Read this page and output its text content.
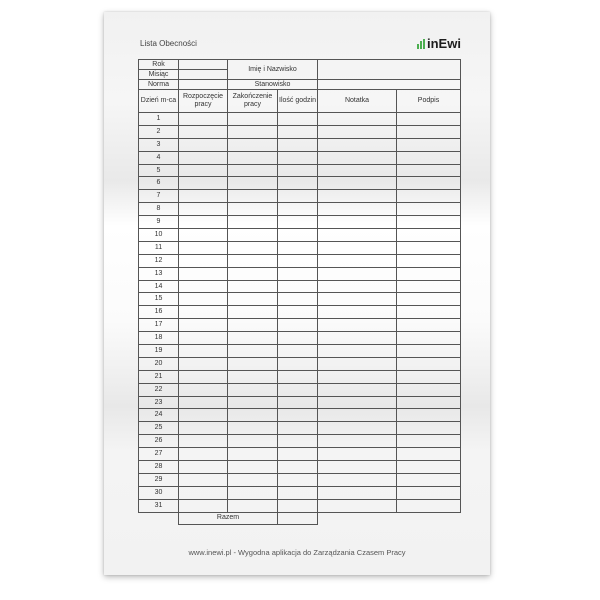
Lista Obecności	inEwi
Rok		Imię i Nazwisko			
Misiąc					
Norma		Stanowisko			
Dzień m-ca	Rozpoczęcie pracy	Zakończenie pracy	Ilość godzin	Notatka	Podpis
1					
2					
3					
4					
5					
6					
7					
8					
9					
10					
11					
12					
13					
14					
15					
16					
17					
18					
19					
20					
21					
22					
23					
24					
25					
26					
27					
28					
29					
30					
31					
	Razem				
www.inewi.pl - Wygodna aplikacja do Zarządzania Czasem Pracy
